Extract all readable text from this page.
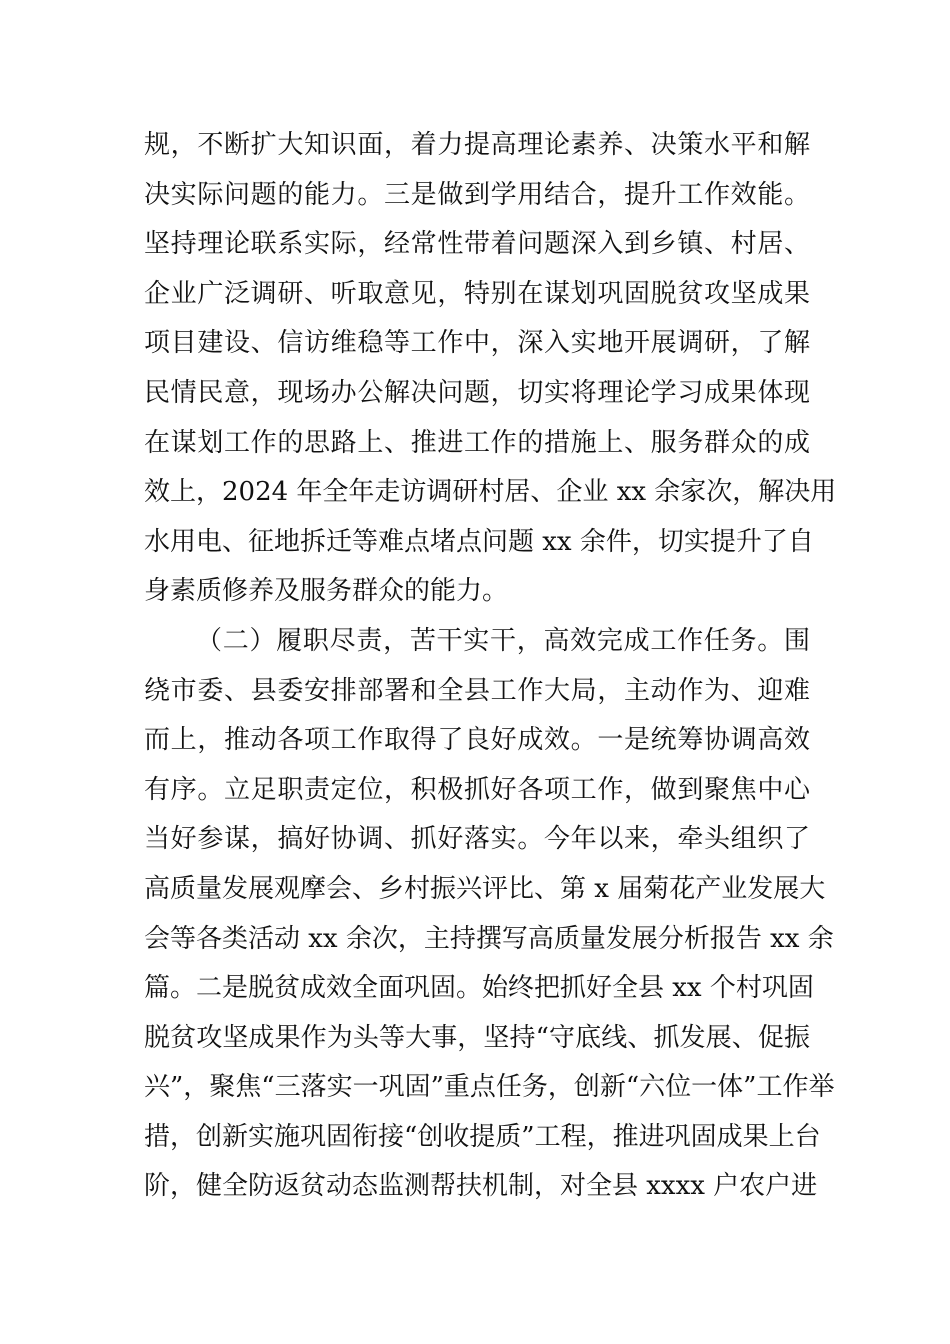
规，不断扩大知识面，着力提高理论素养、决策水平和解
决实际问题的能力。三是做到学用结合，提升工作效能。
坚持理论联系实际，经常性带着问题深入到乡镇、村居、
企业广泛调研、听取意见，特别在谋划巩固脱贫攻坚成果
项目建设、信访维稳等工作中，深入实地开展调研，了解
民情民意，现场办公解决问题，切实将理论学习成果体现
在谋划工作的思路上、推进工作的措施上、服务群众的成
效上，2024 年全年走访调研村居、企业 xx 余家次，解决用
水用电、征地拆迁等难点堵点问题 xx 余件，切实提升了自
身素质修养及服务群众的能力。
（二）履职尽责，苦干实干，高效完成工作任务。围
绕市委、县委安排部署和全县工作大局，主动作为、迎难
而上，推动各项工作取得了良好成效。一是统筹协调高效
有序。立足职责定位，积极抓好各项工作，做到聚焦中心
当好参谋，搞好协调、抓好落实。今年以来，牵头组织了
高质量发展观摩会、乡村振兴评比、第 x 届菊花产业发展大
会等各类活动 xx 余次，主持撰写高质量发展分析报告 xx 余
篇。二是脱贫成效全面巩固。始终把抓好全县 xx 个村巩固
脱贫攻坚成果作为头等大事，坚持“守底线、抓发展、促振
兴”，聚焦“三落实一巩固”重点任务，创新“六位一体”工作举
措，创新实施巩固衔接“创收提质”工程，推进巩固成果上台
阶，健全防返贫动态监测帮扶机制，对全县 xxxx 户农户进
